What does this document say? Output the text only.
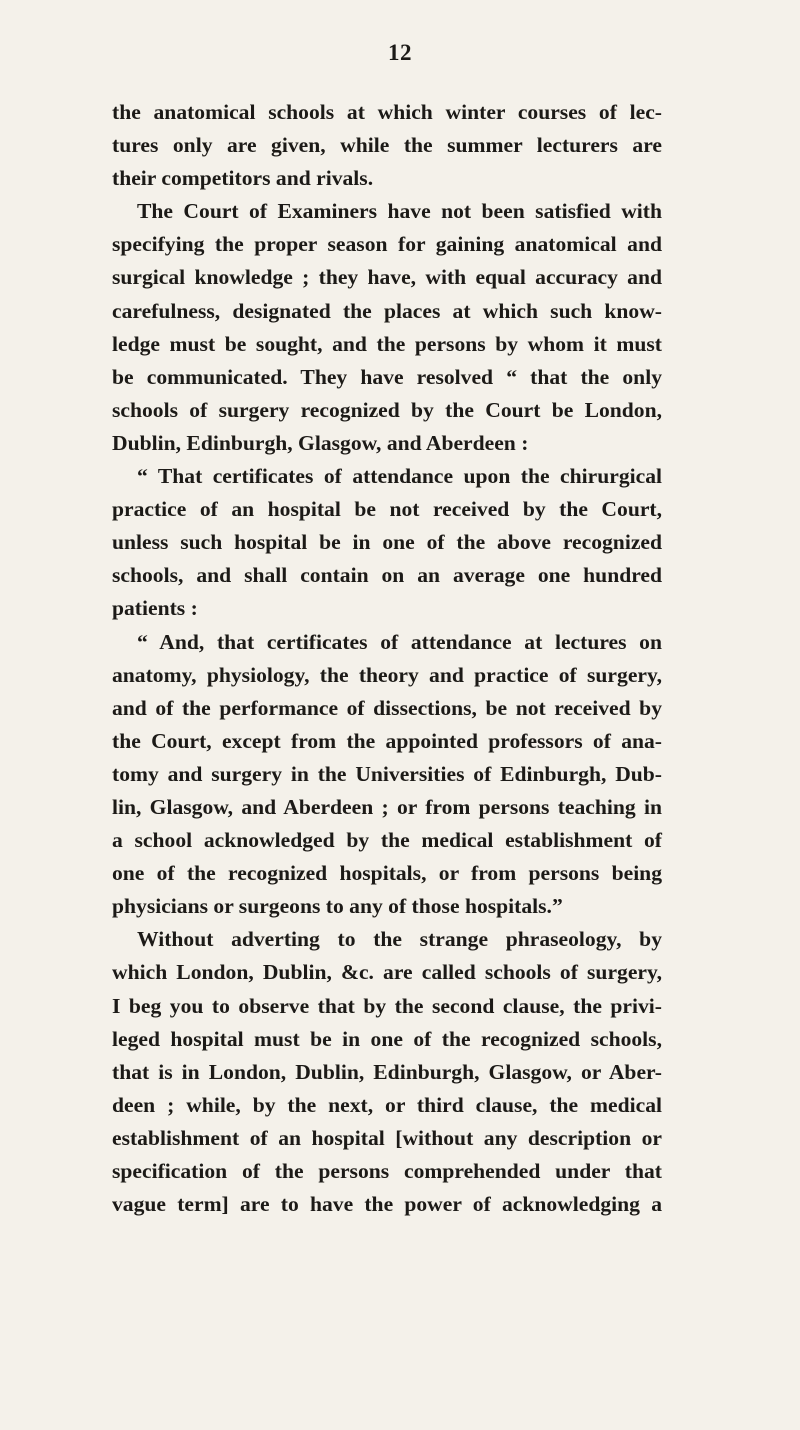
12
the anatomical schools at which winter courses of lec-
tures only are given, while the summer lecturers are
their competitors and rivals.
The Court of Examiners have not been satisfied with
specifying the proper season for gaining anatomical and
surgical knowledge ; they have, with equal accuracy and
carefulness, designated the places at which such know-
ledge must be sought, and the persons by whom it must
be communicated. They have resolved “ that the only
schools of surgery recognized by the Court be London,
Dublin, Edinburgh, Glasgow, and Aberdeen :
“ That certificates of attendance upon the chirurgical
practice of an hospital be not received by the Court,
unless such hospital be in one of the above recognized
schools, and shall contain on an average one hundred
patients :
“ And, that certificates of attendance at lectures on
anatomy, physiology, the theory and practice of surgery,
and of the performance of dissections, be not received by
the Court, except from the appointed professors of ana-
tomy and surgery in the Universities of Edinburgh, Dub-
lin, Glasgow, and Aberdeen ; or from persons teaching in
a school acknowledged by the medical establishment of
one of the recognized hospitals, or from persons being
physicians or surgeons to any of those hospitals.”
Without adverting to the strange phraseology, by
which London, Dublin, &c. are called schools of surgery,
I beg you to observe that by the second clause, the privi-
leged hospital must be in one of the recognized schools,
that is in London, Dublin, Edinburgh, Glasgow, or Aber-
deen ; while, by the next, or third clause, the medical
establishment of an hospital [without any description or
specification of the persons comprehended under that
vague term] are to have the power of acknowledging a
